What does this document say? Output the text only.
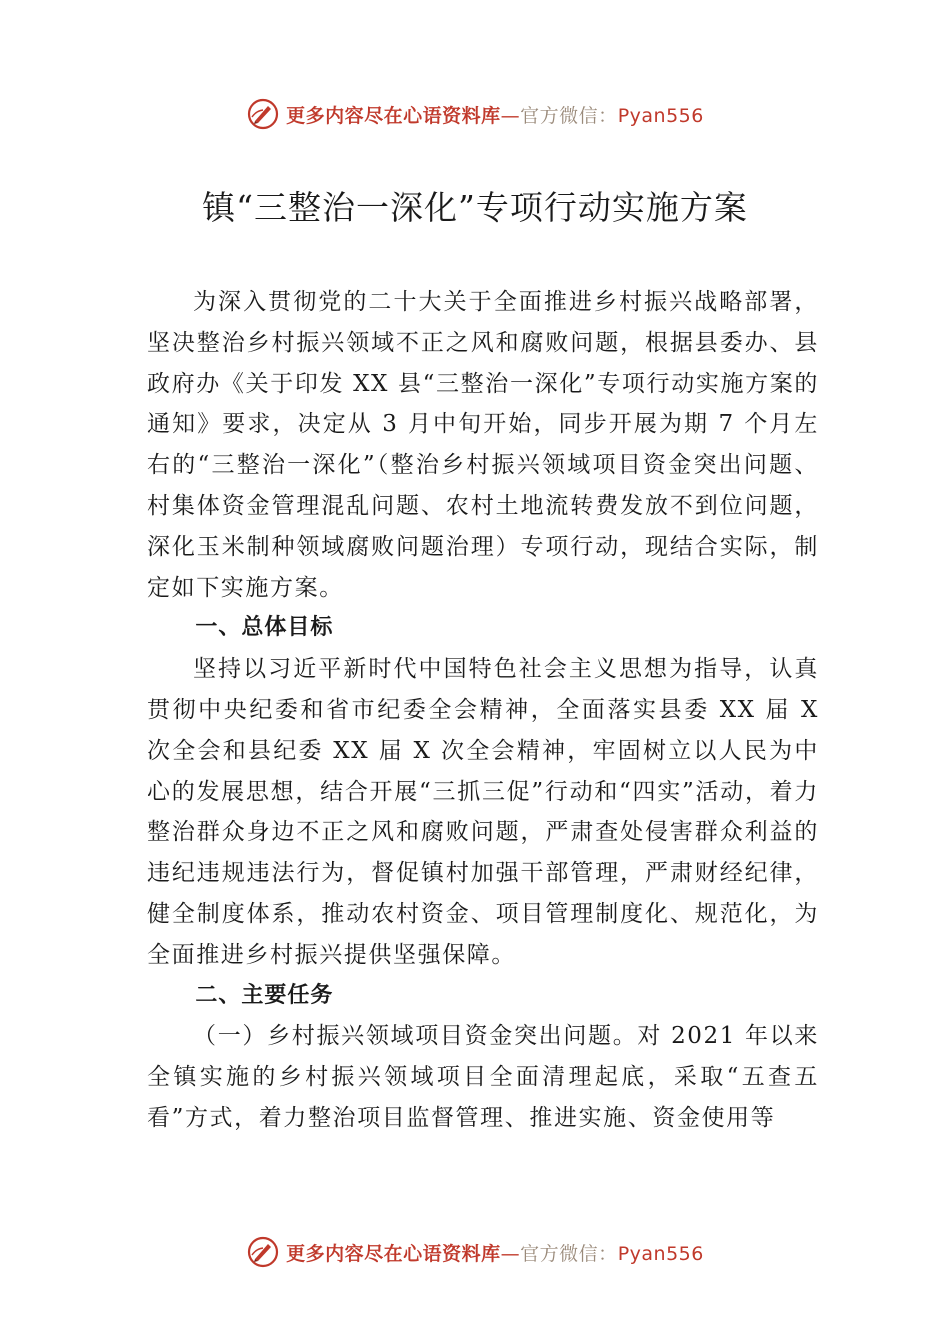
更多内容尽在心语资料库—官方微信：Pyan556
镇“三整治一深化”专项行动实施方案

为深入贯彻党的二十大关于全面推进乡村振兴战略部署，坚决整治乡村振兴领域不正之风和腐败问题，根据县委办、县政府办《关于印发 XX 县“三整治一深化”专项行动实施方案的通知》要求，决定从 3 月中旬开始，同步开展为期 7 个月左右的“三整治一深化”（整治乡村振兴领域项目资金突出问题、村集体资金管理混乱问题、农村土地流转费发放不到位问题，深化玉米制种领域腐败问题治理）专项行动，现结合实际，制定如下实施方案。

一、总体目标

坚持以习近平新时代中国特色社会主义思想为指导，认真贯彻中央纪委和省市纪委全会精神，全面落实县委 XX 届 X 次全会和县纪委 XX 届 X 次全会精神，牢固树立以人民为中心的发展思想，结合开展“三抓三促”行动和“四实”活动，着力整治群众身边不正之风和腐败问题，严肃查处侵害群众利益的违纪违规违法行为，督促镇村加强干部管理，严肃财经纪律，健全制度体系，推动农村资金、项目管理制度化、规范化，为全面推进乡村振兴提供坚强保障。

二、主要任务

（一）乡村振兴领域项目资金突出问题。对 2021 年以来全镇实施的乡村振兴领域项目全面清理起底，采取“五查五看”方式，着力整治项目监督管理、推进实施、资金使用等

更多内容尽在心语资料库—官方微信：Pyan556
